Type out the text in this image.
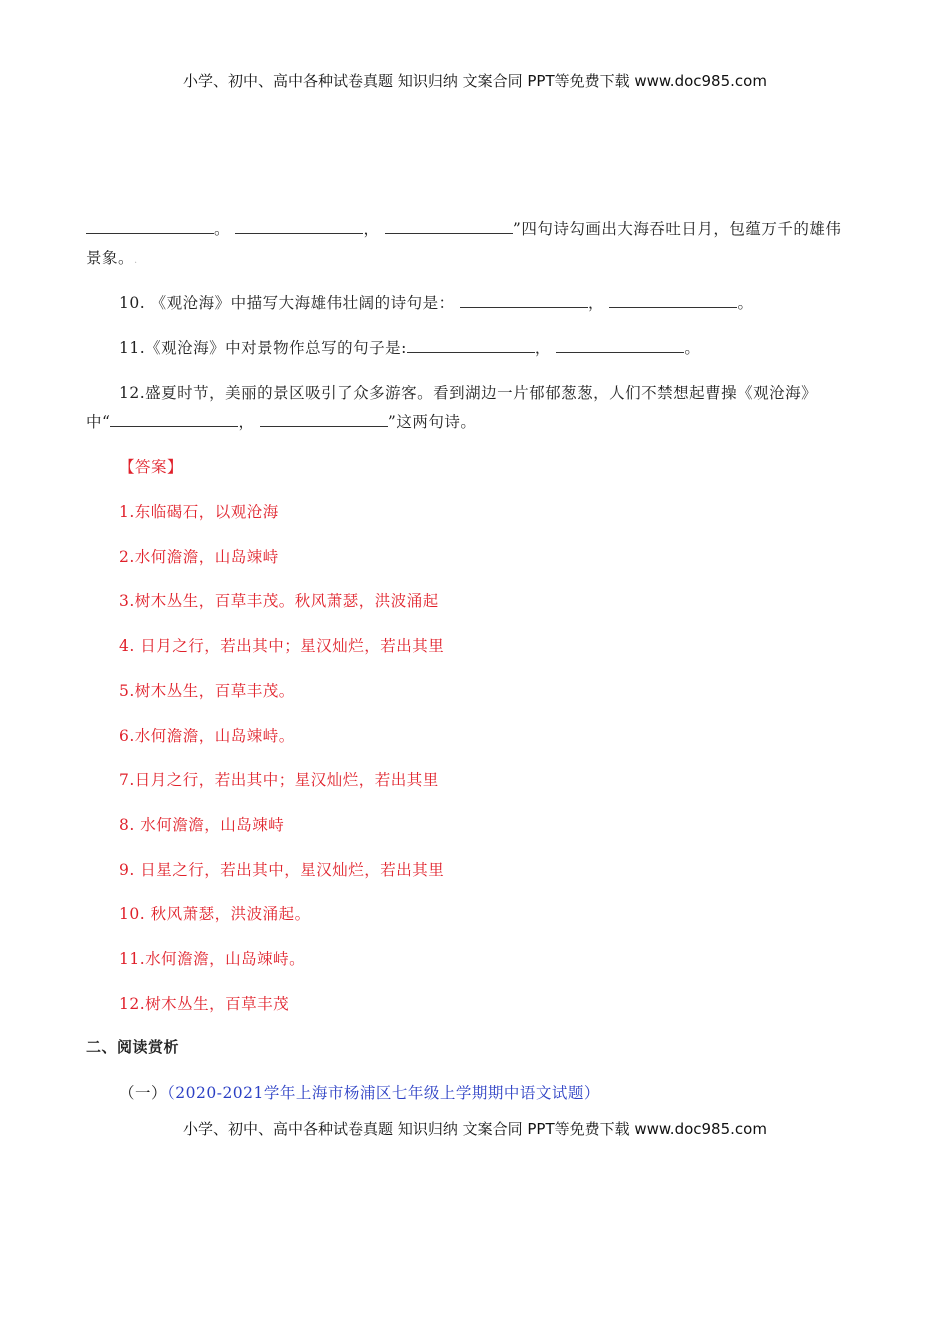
小学、初中、高中各种试卷真题 知识归纳 文案合同 PPT等免费下载 www.doc985.com
。	，	”四句诗勾画出大海吞吐日月，包蕴万千的雄伟
景象。.
10. 《观沧海》中描写大海雄伟壮阔的诗句是：	，	。
11.《观沧海》中对景物作总写的句子是:	，	。
12.盛夏时节，美丽的景区吸引了众多游客。看到湖边一片郁郁葱葱，人们不禁想起曹操《观沧海》
中“	，	”这两句诗。
【答案】
1.东临碣石，以观沧海
2.水何澹澹，山岛竦峙
3.树木丛生，百草丰茂。秋风萧瑟，洪波涌起
4. 日月之行，若出其中；星汉灿烂，若出其里
5.树木丛生，百草丰茂。
6.水何澹澹，山岛竦峙。
7.日月之行，若出其中；星汉灿烂，若出其里
8. 水何澹澹，山岛竦峙
9. 日星之行，若出其中，星汉灿烂，若出其里
10. 秋风萧瑟，洪波涌起。
11.水何澹澹，山岛竦峙。
12.树木丛生，百草丰茂
二、阅读赏析
（一）（2020-2021学年上海市杨浦区七年级上学期期中语文试题）
小学、初中、高中各种试卷真题 知识归纳 文案合同 PPT等免费下载 www.doc985.com
